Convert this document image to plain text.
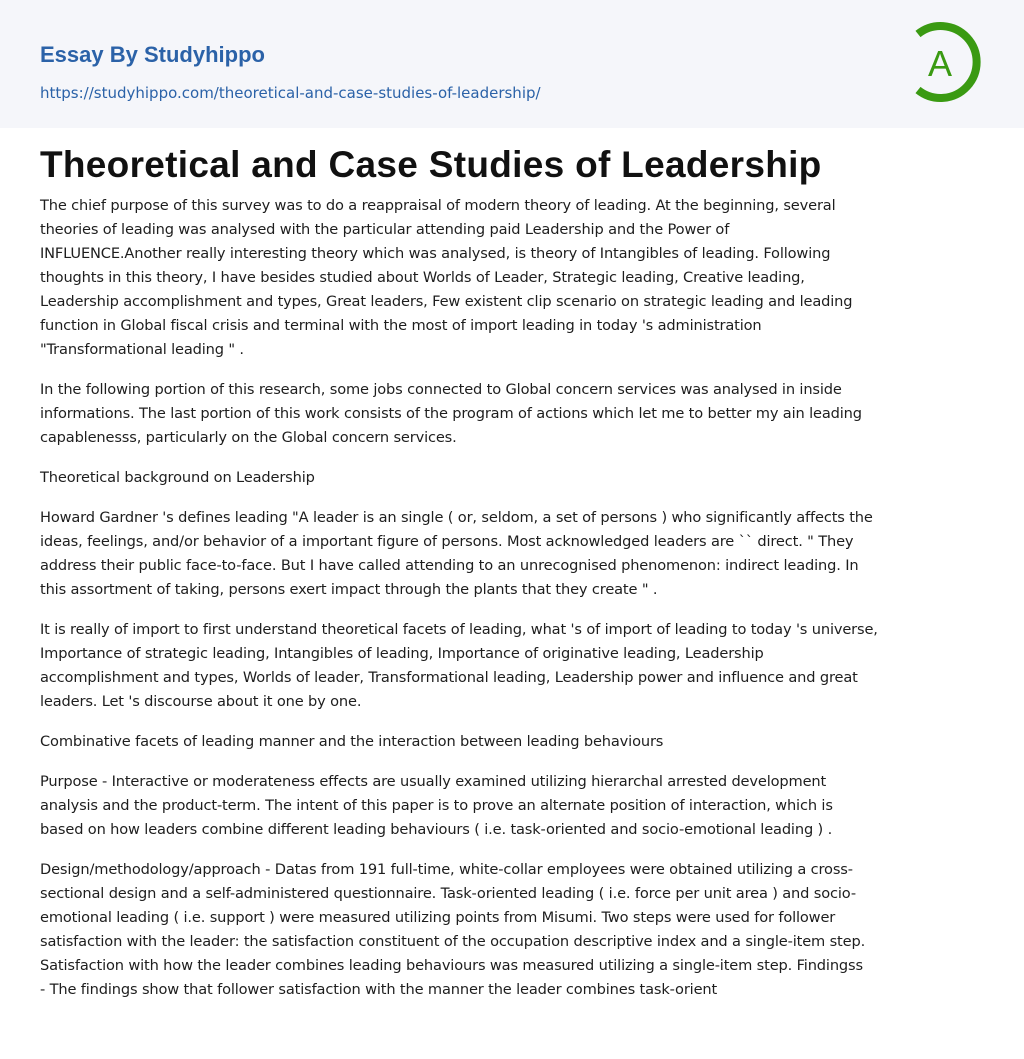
Essay By Studyhippo
https://studyhippo.com/theoretical-and-case-studies-of-leadership/
A
Theoretical and Case Studies of Leadership

The chief purpose of this survey was to do a reappraisal of modern theory of leading. At the beginning, several
theories of leading was analysed with the particular attending paid Leadership and the Power of
INFLUENCE.Another really interesting theory which was analysed, is theory of Intangibles of leading. Following
thoughts in this theory, I have besides studied about Worlds of Leader, Strategic leading, Creative leading,
Leadership accomplishment and types, Great leaders, Few existent clip scenario on strategic leading and leading
function in Global fiscal crisis and terminal with the most of import leading in today 's administration
"Transformational leading " .

In the following portion of this research, some jobs connected to Global concern services was analysed in inside
informations. The last portion of this work consists of the program of actions which let me to better my ain leading
capablenesss, particularly on the Global concern services.

Theoretical background on Leadership

Howard Gardner 's defines leading "A leader is an single ( or, seldom, a set of persons ) who significantly affects the
ideas, feelings, and/or behavior of a important figure of persons. Most acknowledged leaders are `` direct. " They
address their public face-to-face. But I have called attending to an unrecognised phenomenon: indirect leading. In
this assortment of taking, persons exert impact through the plants that they create " .

It is really of import to first understand theoretical facets of leading, what 's of import of leading to today 's universe,
Importance of strategic leading, Intangibles of leading, Importance of originative leading, Leadership
accomplishment and types, Worlds of leader, Transformational leading, Leadership power and influence and great
leaders. Let 's discourse about it one by one.

Combinative facets of leading manner and the interaction between leading behaviours

Purpose - Interactive or moderateness effects are usually examined utilizing hierarchal arrested development
analysis and the product-term. The intent of this paper is to prove an alternate position of interaction, which is
based on how leaders combine different leading behaviours ( i.e. task-oriented and socio-emotional leading ) .

Design/methodology/approach - Datas from 191 full-time, white-collar employees were obtained utilizing a cross-
sectional design and a self-administered questionnaire. Task-oriented leading ( i.e. force per unit area ) and socio-
emotional leading ( i.e. support ) were measured utilizing points from Misumi. Two steps were used for follower
satisfaction with the leader: the satisfaction constituent of the occupation descriptive index and a single-item step.
Satisfaction with how the leader combines leading behaviours was measured utilizing a single-item step. Findingss
- The findings show that follower satisfaction with the manner the leader combines task-orient
